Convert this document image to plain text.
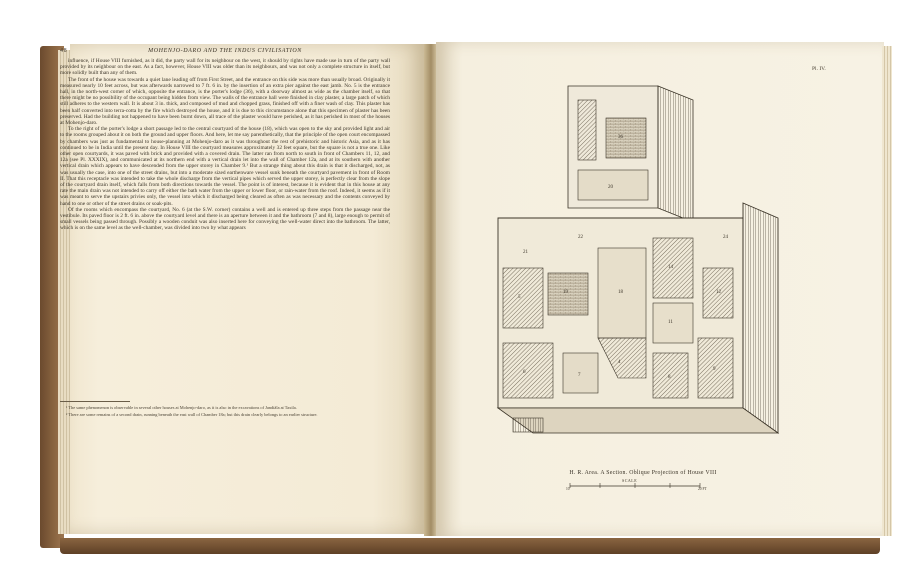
48	MOHENJO-DARO AND THE INDUS CIVILISATION

influence, if House VIII furnished, as it did, the party wall for its neighbour on the west, it should by rights have made use in turn of the party wall provided by its neighbour on the east. As a fact, however, House VIII was older than its neighbours, and was not only a complete structure in itself, but more solidly built than any of them.

The front of the house was towards a quiet lane leading off from First Street, and the entrance on this side was more than usually broad. Originally it measured nearly 10 feet across, but was afterwards narrowed to 7 ft. 6 in. by the insertion of an extra pier against the east jamb. No. 5 is the entrance hall, in the north-west corner of which, opposite the entrance, is the porter's lodge (36), with a doorway almost as wide as the chamber itself, so that there might be no possibility of the occupant being hidden from view. The walls of the entrance hall were finished in clay plaster, a large patch of which still adheres to the western wall. It is about 3 in. thick, and composed of mud and chopped grass, finished off with a finer wash of clay. This plaster has been half converted into terra-cotta by the fire which destroyed the house, and it is due to this circumstance alone that this specimen of plaster has been preserved. Had the building not happened to have been burnt down, all trace of the plaster would have perished, as it has perished in most of the houses at Mohenjo-daro.

To the right of the porter's lodge a short passage led to the central courtyard of the house (18), which was open to the sky and provided light and air to the rooms grouped about it on both the ground and upper floors. And here, let me say parenthetically, that the principle of the open court encompassed by chambers was just as fundamental to house-planning at Mohenjo-daro as it was throughout the rest of prehistoric and historic Asia, and as it has continued to be in India until the present day. In House VIII the courtyard measures approximately 32 feet square, but the square is not a true one. Like other open courtyards, it was paved with brick and provided with a covered drain. The latter ran from north to south in front of Chambers 11, 12, and 12a (see Pl. XXXIX), and communicated at its northern end with a vertical drain let into the wall of Chamber 12a, and at its southern with another vertical drain which appears to have descended from the upper storey in Chamber 9.¹ But a strange thing about this drain is that it discharged, not, as was usually the case, into one of the street drains, but into a moderate sized earthenware vessel sunk beneath the courtyard pavement in front of Room II. That this receptacle was intended to take the whole discharge from the vertical pipes which served the upper storey, is perfectly clear from the slope of the courtyard drain itself, which falls from both directions towards the vessel. The point is of interest, because it is evident that in this house at any rate the main drain was not intended to carry off either the bath water from the upper or lower floor, or rain-water from the roof. Indeed, it seems as if it was meant to serve the upstairs privies only, the vessel into which it discharged being cleared as often as was necessary and the contents conveyed by hand to one or other of the street drains or soak-pits.

Of the rooms which encompass the courtyard, No. 6 (at the S.W. corner) contains a well and is entered up three steps from the passage near the vestibule. Its paved floor is 2 ft. 6 in. above the courtyard level and there is an aperture between it and the bathroom (7 and 8), large enough to permit of small vessels being passed through. Possibly a wooden conduit was also inserted here for conveying the well-water direct into the bathroom. The latter, which is on the same level as the well-chamber, was divided into two by what appears

¹ The same phenomenon is observable in several other houses at Mohenjo-daro, as it is also in the excavations of Jandiāla at Taxila.

² There are some remains of a second drain, running beneath the east wall of Chamber 18a; but this drain clearly belongs to an earlier structure.

Pl. IV.
36
5
6
7	8
9
11
12
14
18
19
20
21
22	24
4
H. R. Area. A Section. Oblique Projection of House VIII
SCALE
10	20 FT
